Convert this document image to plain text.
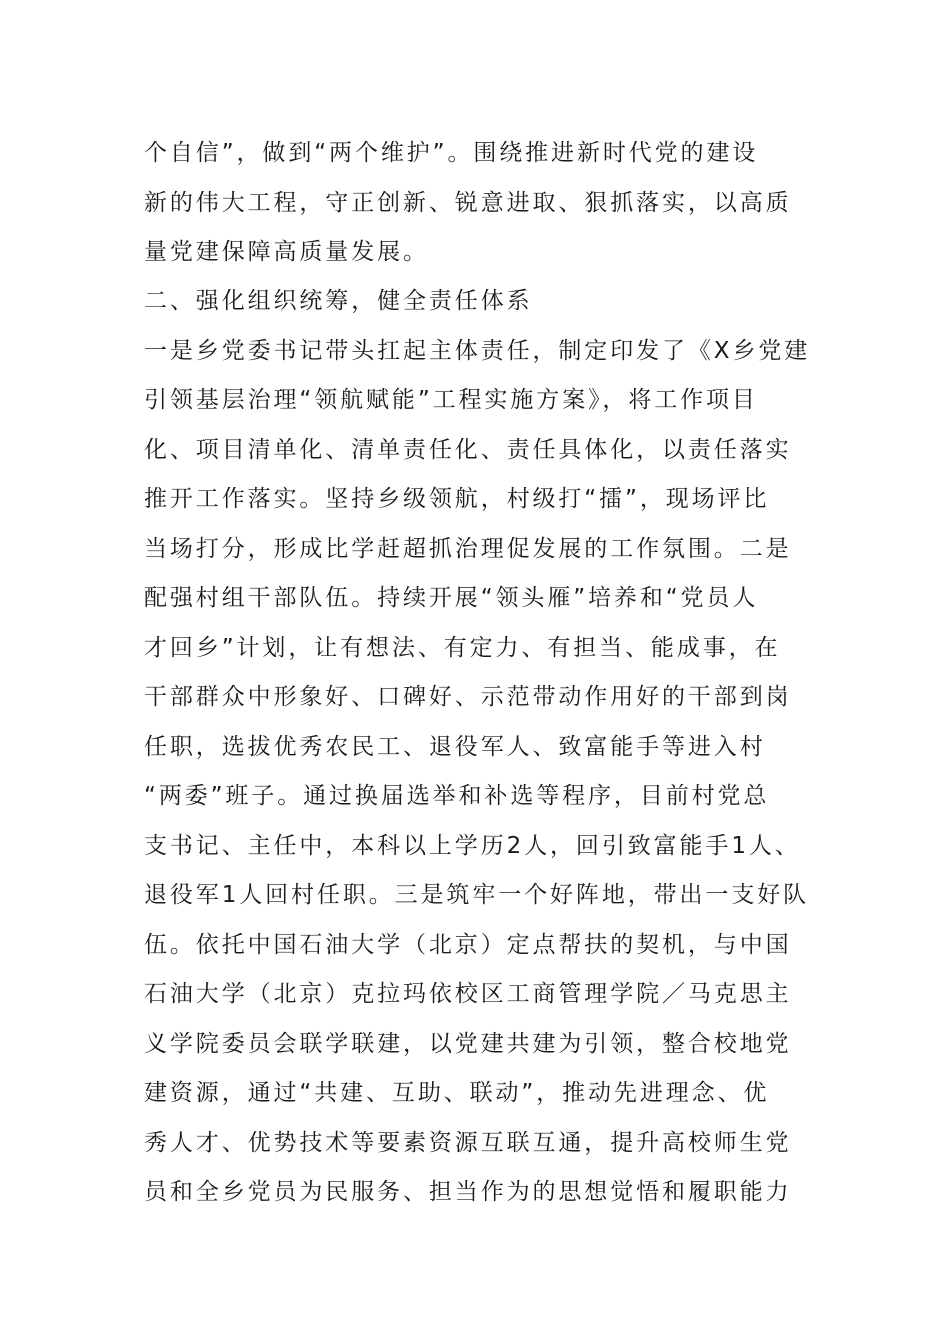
个自信”，做到“两个维护”。围绕推进新时代党的建设
新的伟大工程，守正创新、锐意进取、狠抓落实，以高质
量党建保障高质量发展。
二、强化组织统筹，健全责任体系
一是乡党委书记带头扛起主体责任，制定印发了《X乡党建
引领基层治理“领航赋能”工程实施方案》，将工作项目
化、项目清单化、清单责任化、责任具体化，以责任落实
推开工作落实。坚持乡级领航，村级打“擂”，现场评比
当场打分，形成比学赶超抓治理促发展的工作氛围。二是
配强村组干部队伍。持续开展“领头雁”培养和“党员人
才回乡”计划，让有想法、有定力、有担当、能成事，在
干部群众中形象好、口碑好、示范带动作用好的干部到岗
任职，选拔优秀农民工、退役军人、致富能手等进入村
“两委”班子。通过换届选举和补选等程序，目前村党总
支书记、主任中，本科以上学历2人，回引致富能手1人、
退役军1人回村任职。三是筑牢一个好阵地，带出一支好队
伍。依托中国石油大学（北京）定点帮扶的契机，与中国
石油大学（北京）克拉玛依校区工商管理学院／马克思主
义学院委员会联学联建，以党建共建为引领，整合校地党
建资源，通过“共建、互助、联动”，推动先进理念、优
秀人才、优势技术等要素资源互联互通，提升高校师生党
员和全乡党员为民服务、担当作为的思想觉悟和履职能力
